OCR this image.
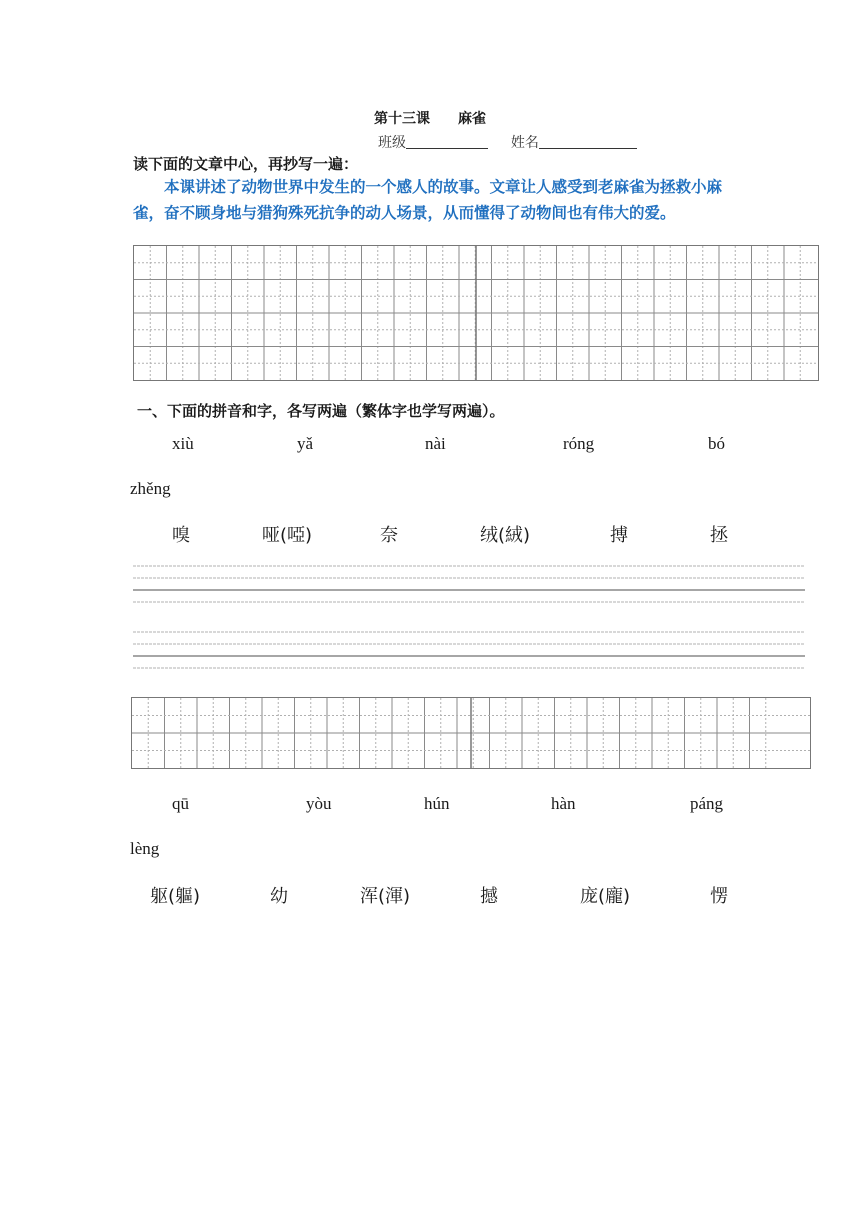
第十三课 麻雀
班级	姓名
读下面的文章中心，再抄写一遍：
本课讲述了动物世界中发生的一个感人的故事。文章让人感受到老麻雀为拯救小麻雀，奋不顾身地与猎狗殊死抗争的动人场景，从而懂得了动物间也有伟大的爱。
一、下面的拼音和字，各写两遍（繁体字也学写两遍）。
xiù	yǎ	nài	róng	bó
zhěng
嗅	哑(啞)	奈	绒(絨)	搏	拯
qū	yòu	hún	hàn	páng
lèng
躯(軀)	幼	浑(渾)	撼	庞(龐)	愣
